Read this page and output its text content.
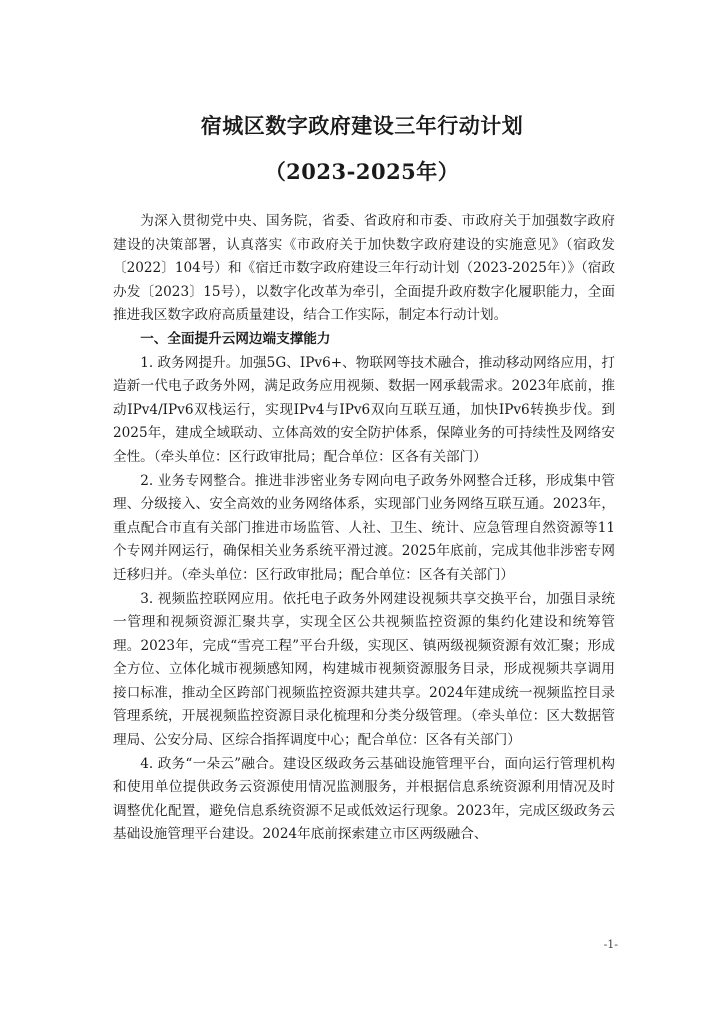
宿城区数字政府建设三年行动计划
（2023-2025年）

为深入贯彻党中央、国务院，省委、省政府和市委、市政府关于加强数字政府建设的决策部署，认真落实《市政府关于加快数字政府建设的实施意见》（宿政发〔2022〕104号）和《宿迁市数字政府建设三年行动计划（2023-2025年）》（宿政办发〔2023〕15号），以数字化改革为牵引，全面提升政府数字化履职能力，全面推进我区数字政府高质量建设，结合工作实际，制定本行动计划。

一、全面提升云网边端支撑能力

1. 政务网提升。加强5G、IPv6+、物联网等技术融合，推动移动网络应用，打造新一代电子政务外网，满足政务应用视频、数据一网承载需求。2023年底前，推动IPv4/IPv6双栈运行，实现IPv4与IPv6双向互联互通，加快IPv6转换步伐。到2025年，建成全域联动、立体高效的安全防护体系，保障业务的可持续性及网络安全性。（牵头单位：区行政审批局；配合单位：区各有关部门）

2. 业务专网整合。推进非涉密业务专网向电子政务外网整合迁移，形成集中管理、分级接入、安全高效的业务网络体系，实现部门业务网络互联互通。2023年，重点配合市直有关部门推进市场监管、人社、卫生、统计、应急管理自然资源等11个专网并网运行，确保相关业务系统平滑过渡。2025年底前，完成其他非涉密专网迁移归并。（牵头单位：区行政审批局；配合单位：区各有关部门）

3. 视频监控联网应用。依托电子政务外网建设视频共享交换平台，加强目录统一管理和视频资源汇聚共享，实现全区公共视频监控资源的集约化建设和统筹管理。2023年，完成“雪亮工程”平台升级，实现区、镇两级视频资源有效汇聚；形成全方位、立体化城市视频感知网，构建城市视频资源服务目录，形成视频共享调用接口标准，推动全区跨部门视频监控资源共建共享。2024年建成统一视频监控目录管理系统，开展视频监控资源目录化梳理和分类分级管理。（牵头单位：区大数据管理局、公安分局、区综合指挥调度中心；配合单位：区各有关部门）

4. 政务“一朵云”融合。建设区级政务云基础设施管理平台，面向运行管理机构和使用单位提供政务云资源使用情况监测服务，并根据信息系统资源利用情况及时调整优化配置，避免信息系统资源不足或低效运行现象。2023年，完成区级政务云基础设施管理平台建设。2024年底前探索建立市区两级融合、

-1-
